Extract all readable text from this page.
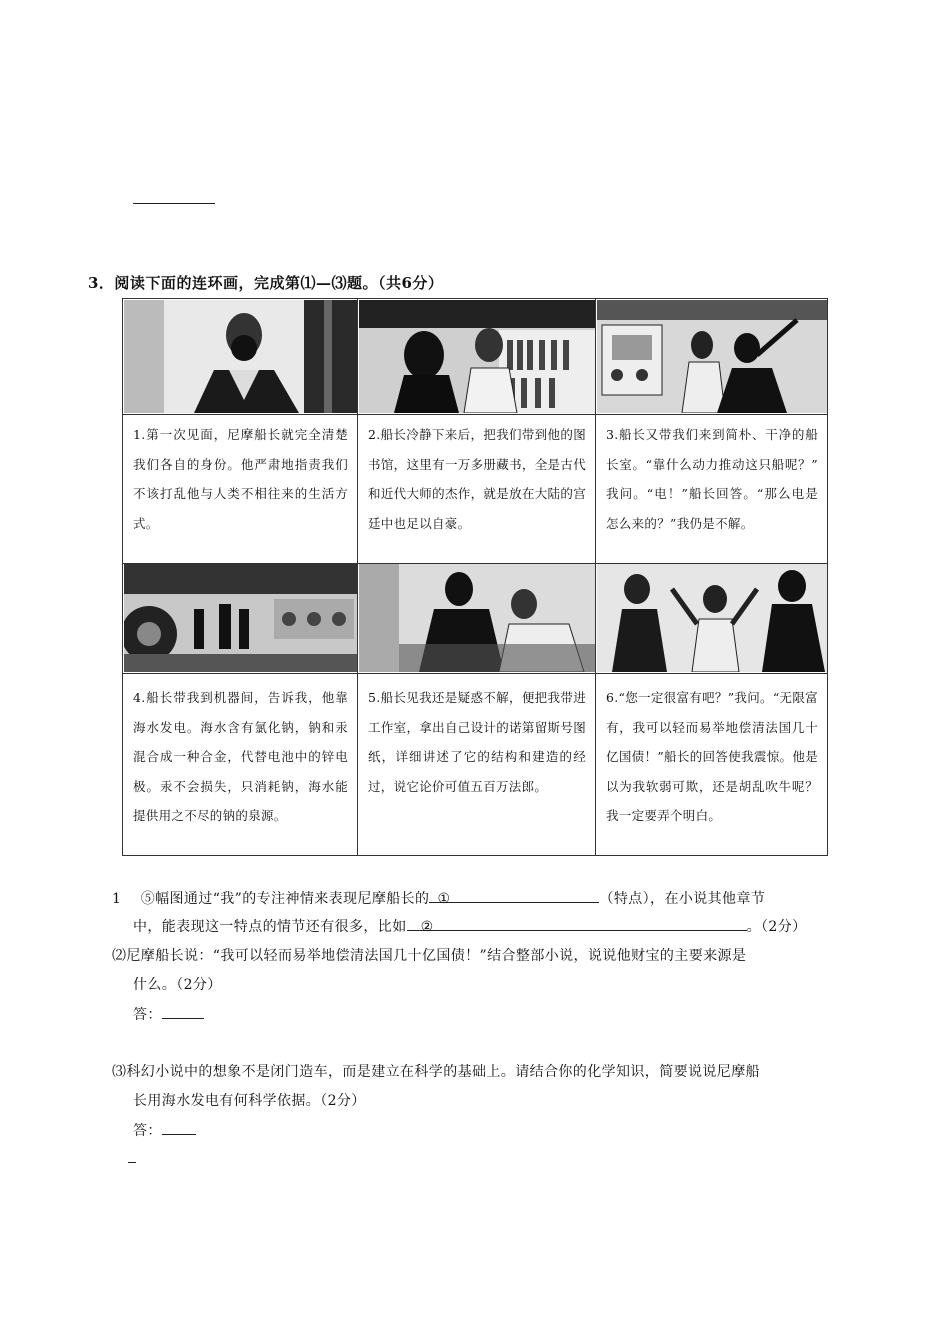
3．阅读下面的连环画，完成第⑴—⑶题。（共6分）
1.第一次见面，尼摩船长就完全清楚我们各自的身份。他严肃地指责我们不该打乱他与人类不相往来的生活方式。
2.船长冷静下来后，把我们带到他的图书馆，这里有一万多册藏书，全是古代和近代大师的杰作，就是放在大陆的宫廷中也足以自豪。
3.船长又带我们来到简朴、干净的船长室。“靠什么动力推动这只船呢？” 我问。“电！”船长回答。“那么电是怎么来的？”我仍是不解。
4.船长带我到机器间，告诉我，他靠海水发电。海水含有氯化钠，钠和汞混合成一种合金，代替电池中的锌电极。汞不会损失，只消耗钠，海水能提供用之不尽的钠的泉源。
5.船长见我还是疑惑不解，便把我带进工作室，拿出自己设计的诺第留斯号图纸，详细讲述了它的结构和建造的经过，说它论价可值五百万法郎。
6.“您一定很富有吧？”我问。“无限富有，我可以轻而易举地偿清法国几十亿国债！”船长的回答使我震惊。他是以为我软弱可欺，还是胡乱吹牛呢？我一定要弄个明白。
1 ⑤幅图通过“我”的专注神情来表现尼摩船长的 ①	（特点），在小说其他章节
中，能表现这一特点的情节还有很多，比如 ②	。（2分）
⑵尼摩船长说：“我可以轻而易举地偿清法国几十亿国债！”结合整部小说，说说他财宝的主要来源是
什么。（2分）
答：
⑶科幻小说中的想象不是闭门造车，而是建立在科学的基础上。请结合你的化学知识，简要说说尼摩船
长用海水发电有何科学依据。（2分）
答：
